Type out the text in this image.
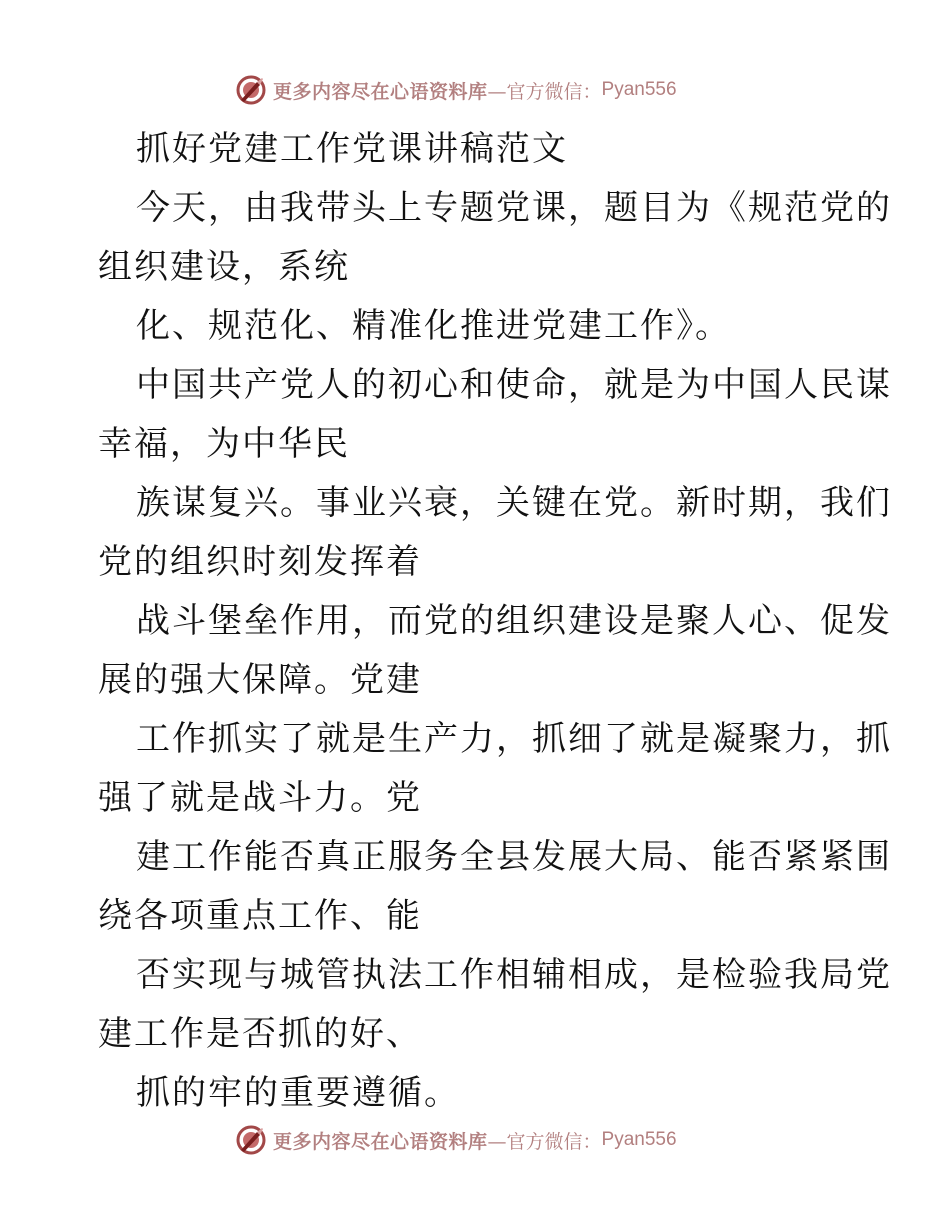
更多内容尽在心语资料库 —官方微信： Pyan556
抓好党建工作党课讲稿范文
今天，由我带头上专题党课，题目为《规范党的
组织建设，系统
化、规范化、精准化推进党建工作》。
中国共产党人的初心和使命，就是为中国人民谋
幸福，为中华民
族谋复兴。事业兴衰，关键在党。新时期，我们
党的组织时刻发挥着
战斗堡垒作用，而党的组织建设是聚人心、促发
展的强大保障。党建
工作抓实了就是生产力，抓细了就是凝聚力，抓
强了就是战斗力。党
建工作能否真正服务全县发展大局、能否紧紧围
绕各项重点工作、能
否实现与城管执法工作相辅相成，是检验我局党
建工作是否抓的好、
抓的牢的重要遵循。
更多内容尽在心语资料库 —官方微信： Pyan556
